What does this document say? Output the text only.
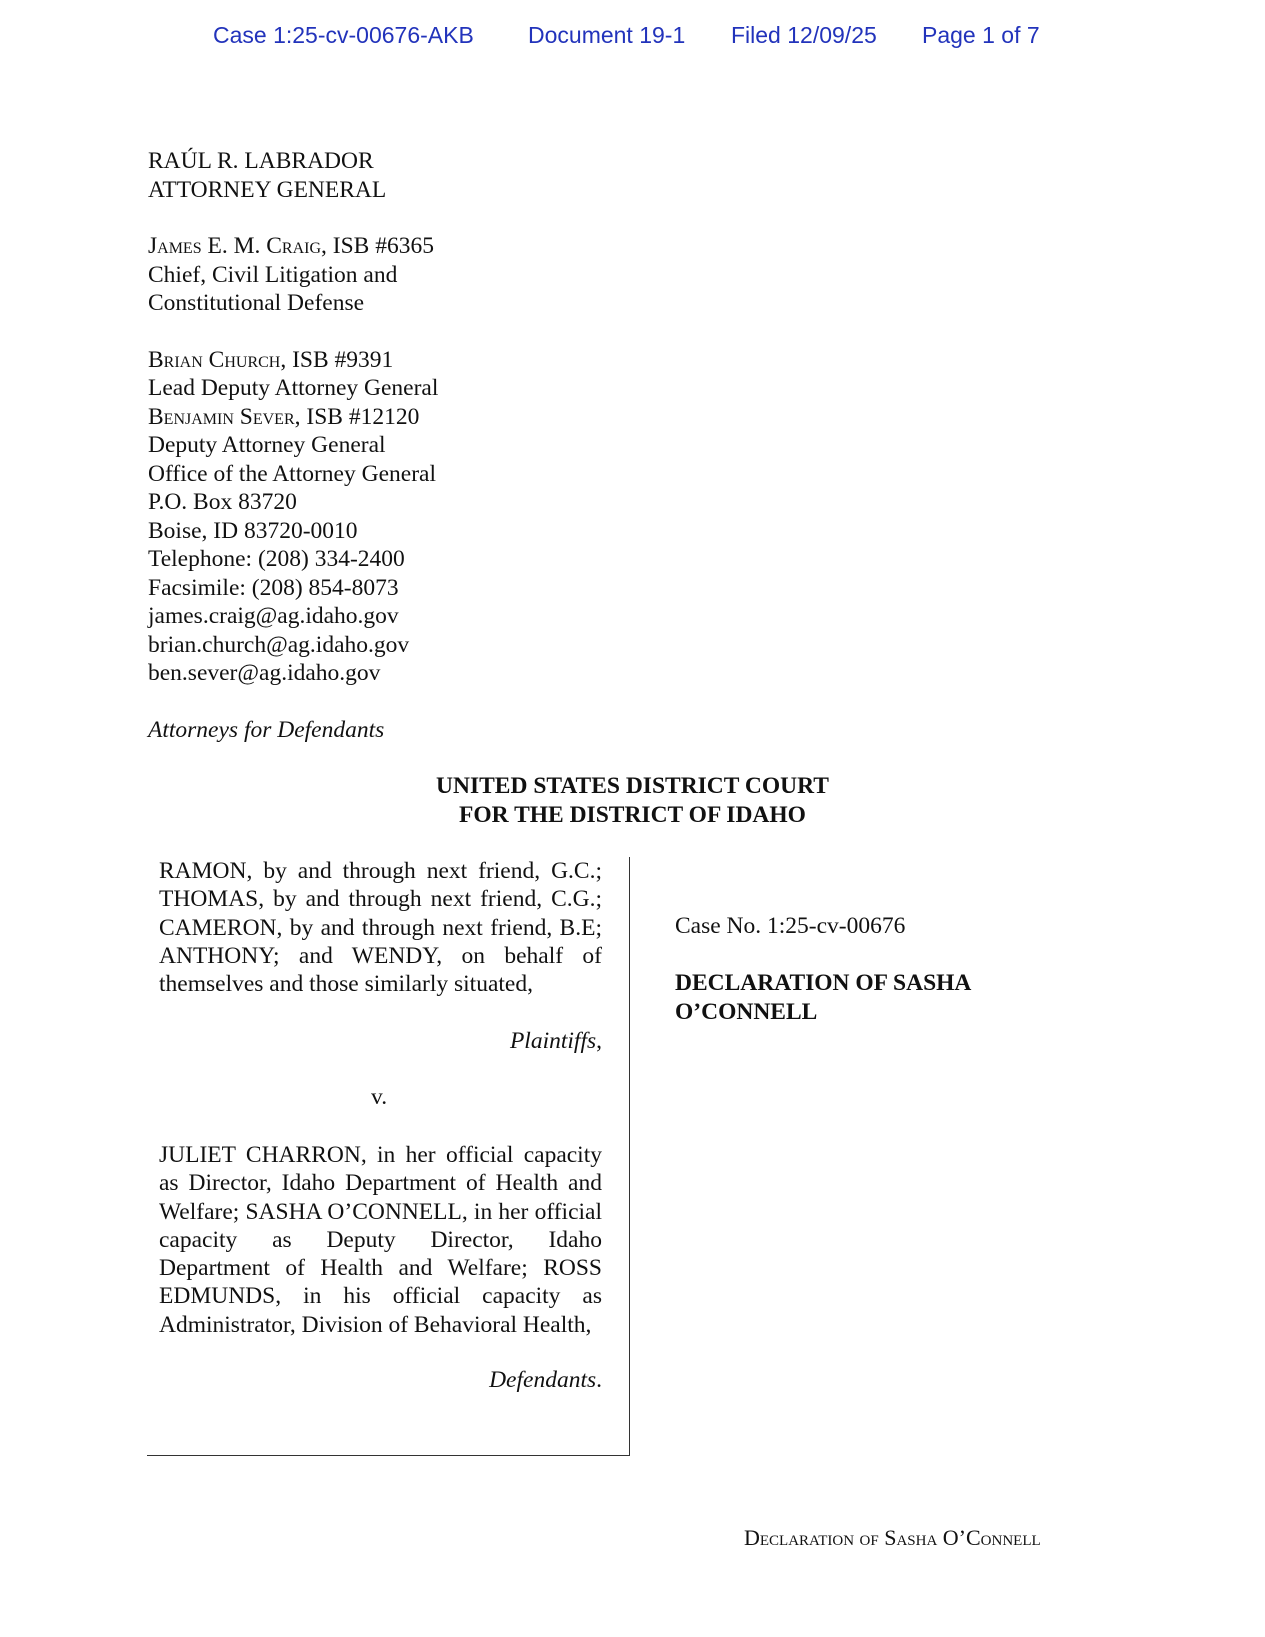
Case 1:25-cv-00676-AKB Document 19-1 Filed 12/09/25 Page 1 of 7
RAÚL R. LABRADOR
ATTORNEY GENERAL
James E. M. Craig, ISB #6365
Chief, Civil Litigation and
Constitutional Defense
Brian Church, ISB #9391
Lead Deputy Attorney General
Benjamin Sever, ISB #12120
Deputy Attorney General
Office of the Attorney General
P.O. Box 83720
Boise, ID 83720-0010
Telephone: (208) 334-2400
Facsimile: (208) 854-8073
james.craig@ag.idaho.gov
brian.church@ag.idaho.gov
ben.sever@ag.idaho.gov
Attorneys for Defendants
UNITED STATES DISTRICT COURT
FOR THE DISTRICT OF IDAHO
RAMON, by and through next friend, G.C.; THOMAS, by and through next friend, C.G.; CAMERON, by and through next friend, B.E; ANTHONY; and WENDY, on behalf of themselves and those similarly situated,
Plaintiffs,
v.
JULIET CHARRON, in her official capacity as Director, Idaho Department of Health and Welfare; SASHA O’CONNELL, in her official capacity as Deputy Director, Idaho Department of Health and Welfare; ROSS EDMUNDS, in his official capacity as Administrator, Division of Behavioral Health,
Defendants.
Case No. 1:25-cv-00676
DECLARATION OF SASHA
O’CONNELL
Declaration of Sasha O’Connell
